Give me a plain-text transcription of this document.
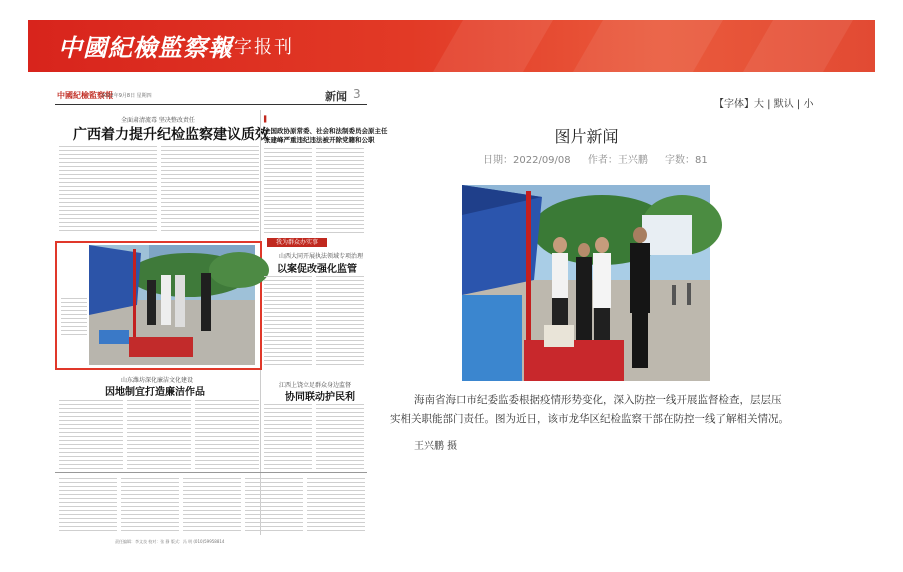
中國紀檢監察報
数字报刊
中國紀檢監察報
2022年9月8日 星期四	新闻 3
全面肃清流毒 坚决整改责任
广西着力提升纪检监察建议质效
▌
全国政协原常委、社会和法制委员会原主任
张建峰严重违纪违法被开除党籍和公职
我为群众办实事
山西大同开展执法领域专项治理
以案促改强化监管
山东潍坊深化廉洁文化建设
因地制宜打造廉洁作品
江西上饶立足群众身边监督
协同联动护民利
责任编辑：李文良 校对：张 静 版式：冯 明 (010)59958814
【字体】大 | 默认 | 小
图片新闻
日期：2022/09/08 作者：王兴鹏 字数：81

海南省海口市纪委监委根据疫情形势变化，深入防控一线开展监督检查，层层压实相关职能部门责任。图为近日，该市龙华区纪检监察干部在防控一线了解相关情况。

王兴鹏 摄
